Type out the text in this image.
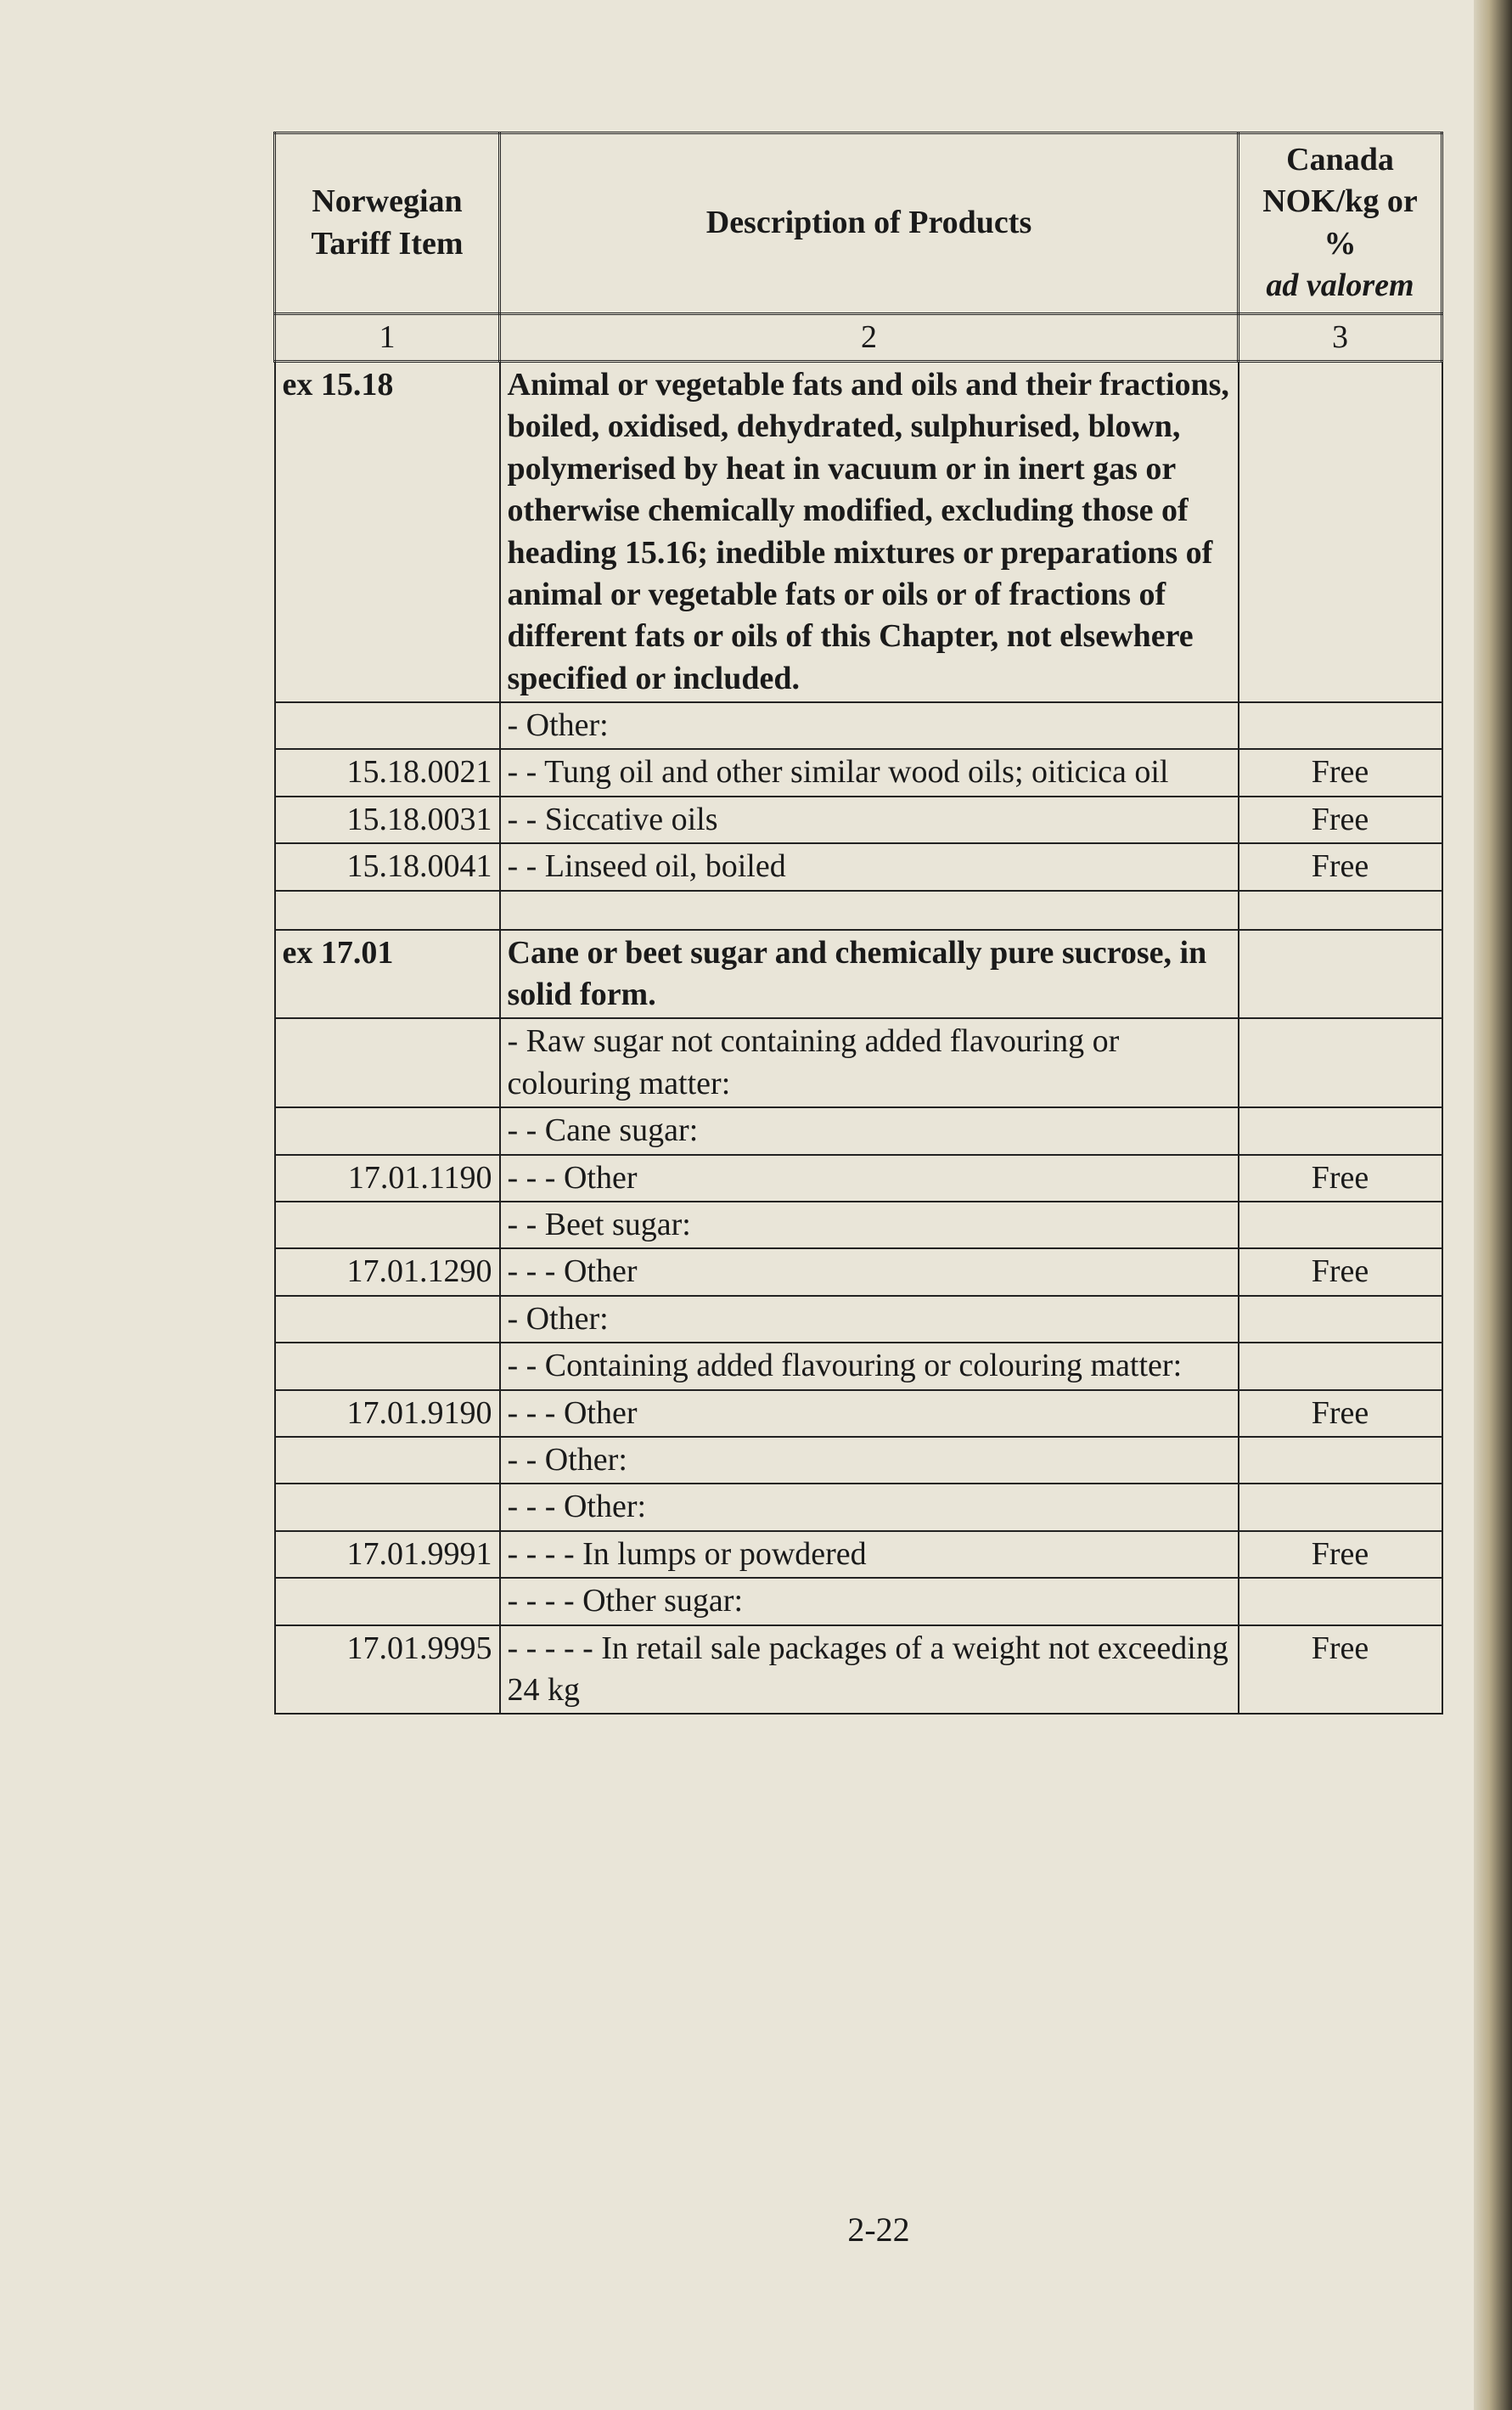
Norwegian Tariff Item	Description of Products	Canada
NOK/kg or
%
ad valorem

1	2	3
ex 15.18	Animal or vegetable fats and oils and their fractions, boiled, oxidised, dehydrated, sulphurised, blown, polymerised by heat in vacuum or in inert gas or otherwise chemically modified, excluding those of heading 15.16; inedible mixtures or preparations of animal or vegetable fats or oils or of fractions of different fats or oils of this Chapter, not elsewhere specified or included.	
	- Other:	
15.18.0021	- - Tung oil and other similar wood oils; oiticica oil	Free
15.18.0031	- - Siccative oils	Free
15.18.0041	- - Linseed oil, boiled	Free

ex 17.01	Cane or beet sugar and chemically pure sucrose, in solid form.	
	- Raw sugar not containing added flavouring or colouring matter:	
	- - Cane sugar:	
17.01.1190	- - - Other	Free
	- - Beet sugar:	
17.01.1290	- - - Other	Free
	- Other:	
	- - Containing added flavouring or colouring matter:	
17.01.9190	- - - Other	Free
	- - Other:	
	- - - Other:	
17.01.9991	- - - - In lumps or powdered	Free
	- - - - Other sugar:	
17.01.9995	- - - - - In retail sale packages of a weight not exceeding 24 kg	Free
2-22
